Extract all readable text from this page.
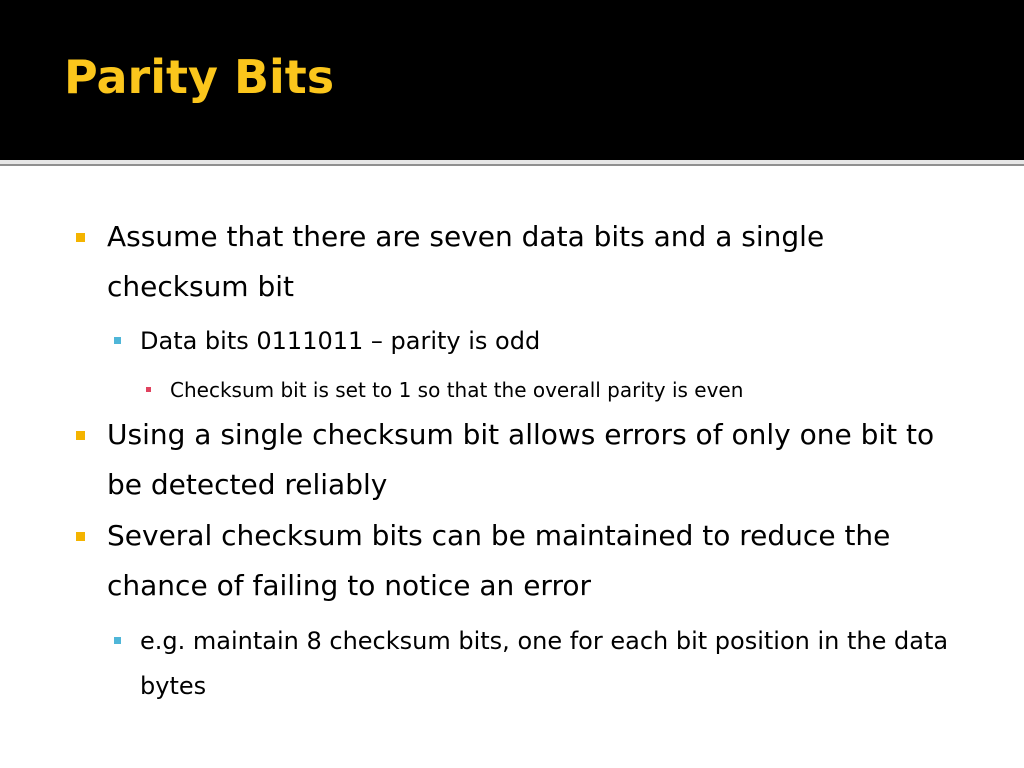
Parity Bits
Assume that there are seven data bits and a single checksum bit
Data bits 0111011 – parity is odd
Checksum bit is set to 1 so that the overall parity is even
Using a single checksum bit allows errors of only one bit to be detected reliably
Several checksum bits can be maintained to reduce the chance of failing to notice an error
e.g. maintain 8 checksum bits, one for each bit position in the data bytes
